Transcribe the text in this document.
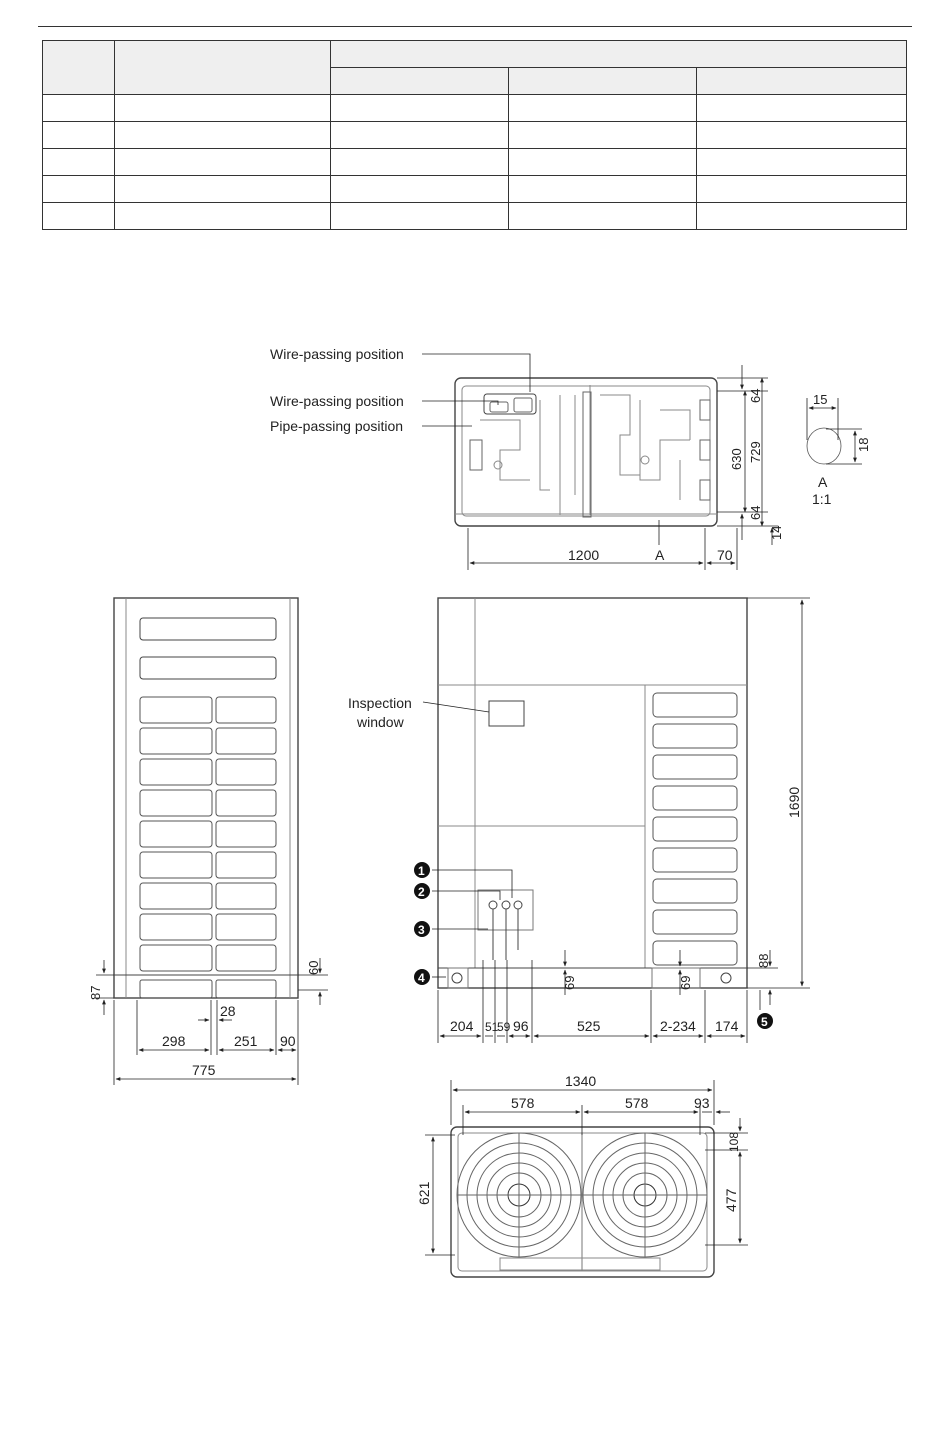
Wire-passing position
Wire-passing position
Pipe-passing position
1200	A	70
64
630 729
64
14
15
18
A
1:1
87
60
28
298	251 90
775
1
2
3
4
5
Inspection
window
1690
69	69
88
204 51
59 96	525	2-234 174
1340
578	578	93
108
621	477
